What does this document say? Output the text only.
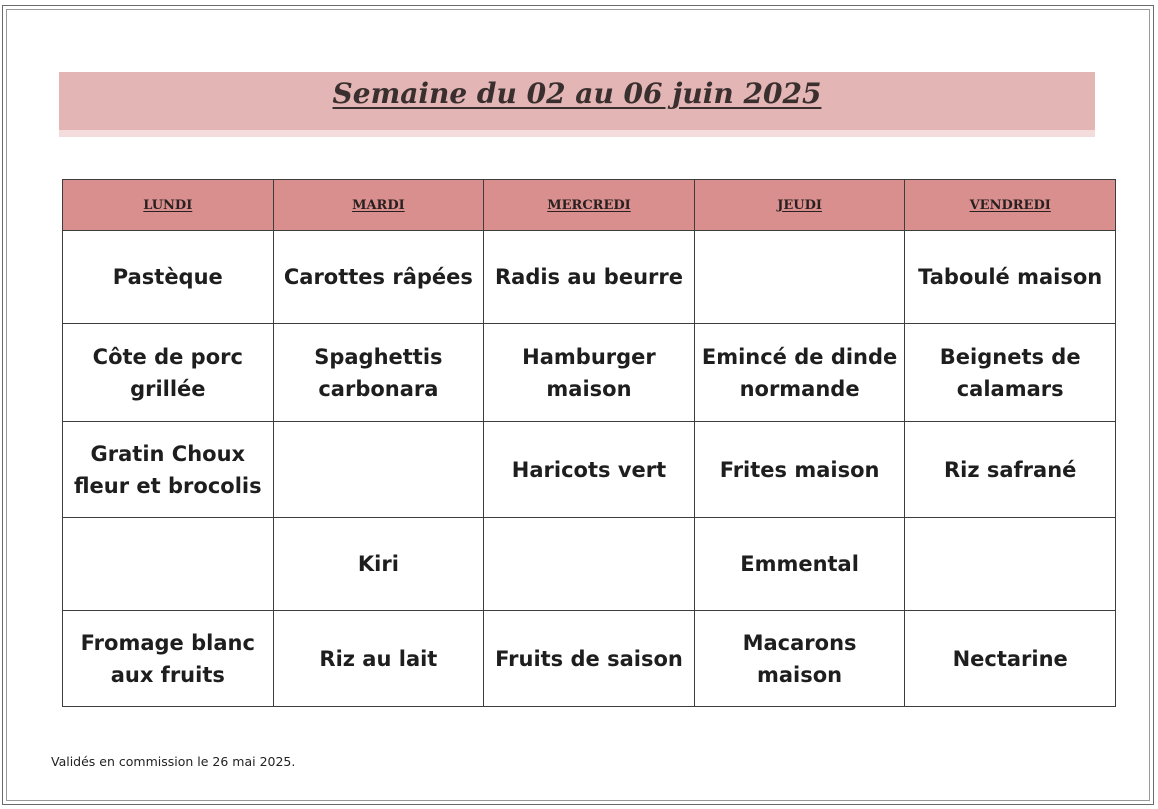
Semaine du 02 au 06 juin 2025
LUNDI	MARDI	MERCREDI	JEUDI	VENDREDI
Pastèque	Carottes râpées	Radis au beurre		Taboulé maison
Côte de porc grillée	Spaghettis carbonara	Hamburger maison	Emincé de dinde normande	Beignets de calamars
Gratin Choux fleur et brocolis		Haricots vert	Frites maison	Riz safrané
	Kiri		Emmental	
Fromage blanc aux fruits	Riz au lait	Fruits de saison	Macarons maison	Nectarine
Validés en commission le 26 mai 2025.
